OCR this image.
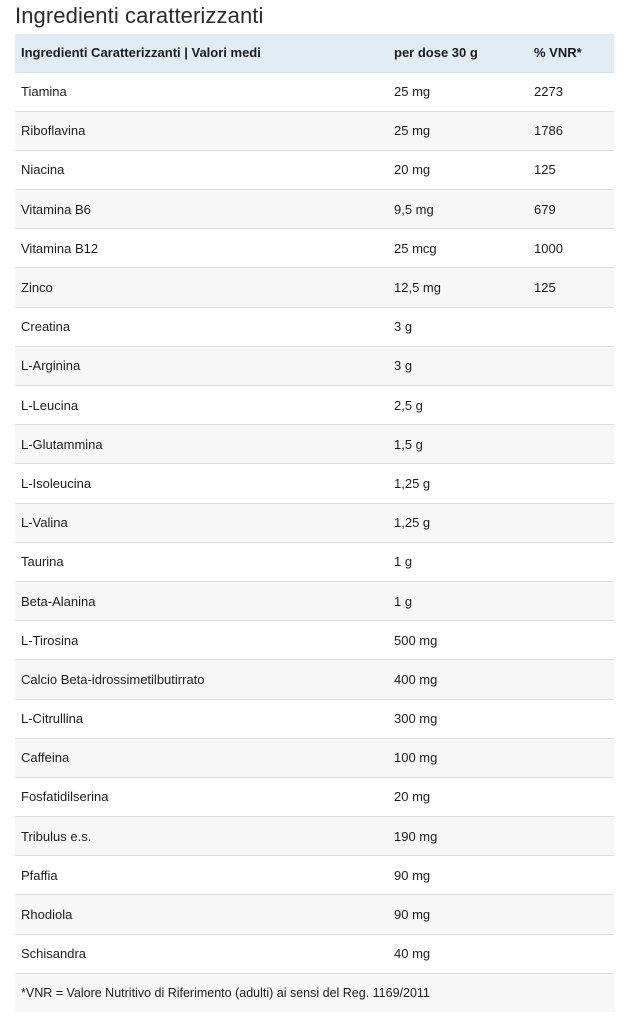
Ingredienti caratterizzanti
Ingredienti Caratterizzanti | Valori medi	per dose 30 g	% VNR*
Tiamina	25 mg	2273
Riboflavina	25 mg	1786
Niacina	20 mg	125
Vitamina B6	9,5 mg	679
Vitamina B12	25 mcg	1000
Zinco	12,5 mg	125
Creatina	3 g	
L-Arginina	3 g	
L-Leucina	2,5 g	
L-Glutammina	1,5 g	
L-Isoleucina	1,25 g	
L-Valina	1,25 g	
Taurina	1 g	
Beta-Alanina	1 g	
L-Tirosina	500 mg	
Calcio Beta-idrossimetilbutirrato	400 mg	
L-Citrullina	300 mg	
Caffeina	100 mg	
Fosfatidilserina	20 mg	
Tribulus e.s.	190 mg	
Pfaffia	90 mg	
Rhodiola	90 mg	
Schisandra	40 mg	
*VNR = Valore Nutritivo di Riferimento (adulti) ai sensi del Reg. 1169/2011		
